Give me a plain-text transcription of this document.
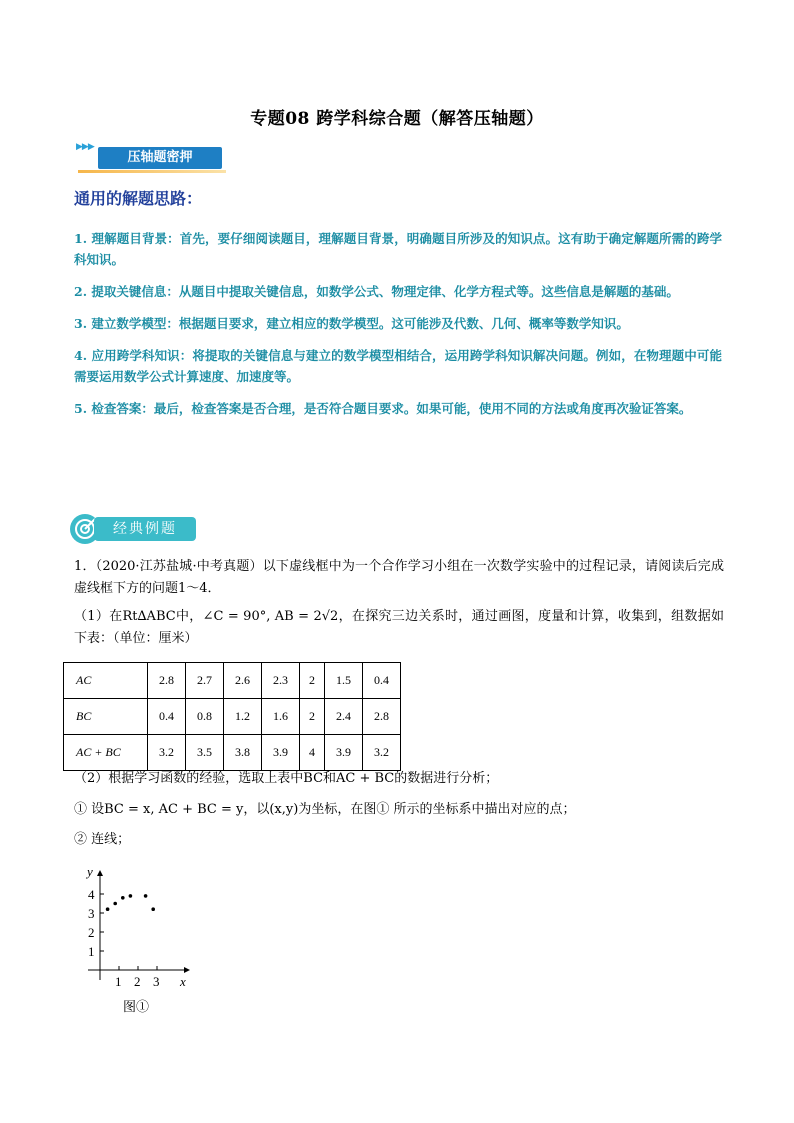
专题08 跨学科综合题（解答压轴题）
▶▶▶
压轴题密押
通用的解题思路：
1. 理解题目背景：首先，要仔细阅读题目，理解题目背景，明确题目所涉及的知识点。这有助于确定解题所需的跨学科知识。
2. 提取关键信息：从题目中提取关键信息，如数学公式、物理定律、化学方程式等。这些信息是解题的基础。
3. 建立数学模型：根据题目要求，建立相应的数学模型。这可能涉及代数、几何、概率等数学知识。
4. 应用跨学科知识：将提取的关键信息与建立的数学模型相结合，运用跨学科知识解决问题。例如，在物理题中可能需要运用数学公式计算速度、加速度等。
5. 检查答案：最后，检查答案是否合理，是否符合题目要求。如果可能，使用不同的方法或角度再次验证答案。
经典例题
1．（2020·江苏盐城·中考真题）以下虚线框中为一个合作学习小组在一次数学实验中的过程记录，请阅读后完成虚线框下方的问题1～4．
（1）在Rt∆ABC中，∠C = 90°, AB = 2√2，在探究三边关系时，通过画图，度量和计算，收集到，组数据如下表：（单位：厘米）
AC	2.8	2.7	2.6	2.3	2	1.5	0.4
BC	0.4	0.8	1.2	1.6	2	2.4	2.8
AC + BC	3.2	3.5	3.8	3.9	4	3.9	3.2
（2）根据学习函数的经验，选取上表中BC和AC + BC的数据进行分析；
① 设BC = x, AC + BC = y，以(x,y)为坐标，在图① 所示的坐标系中描出对应的点；
② 连线；
x
y
1 2 3
1
2
3
4
图①
